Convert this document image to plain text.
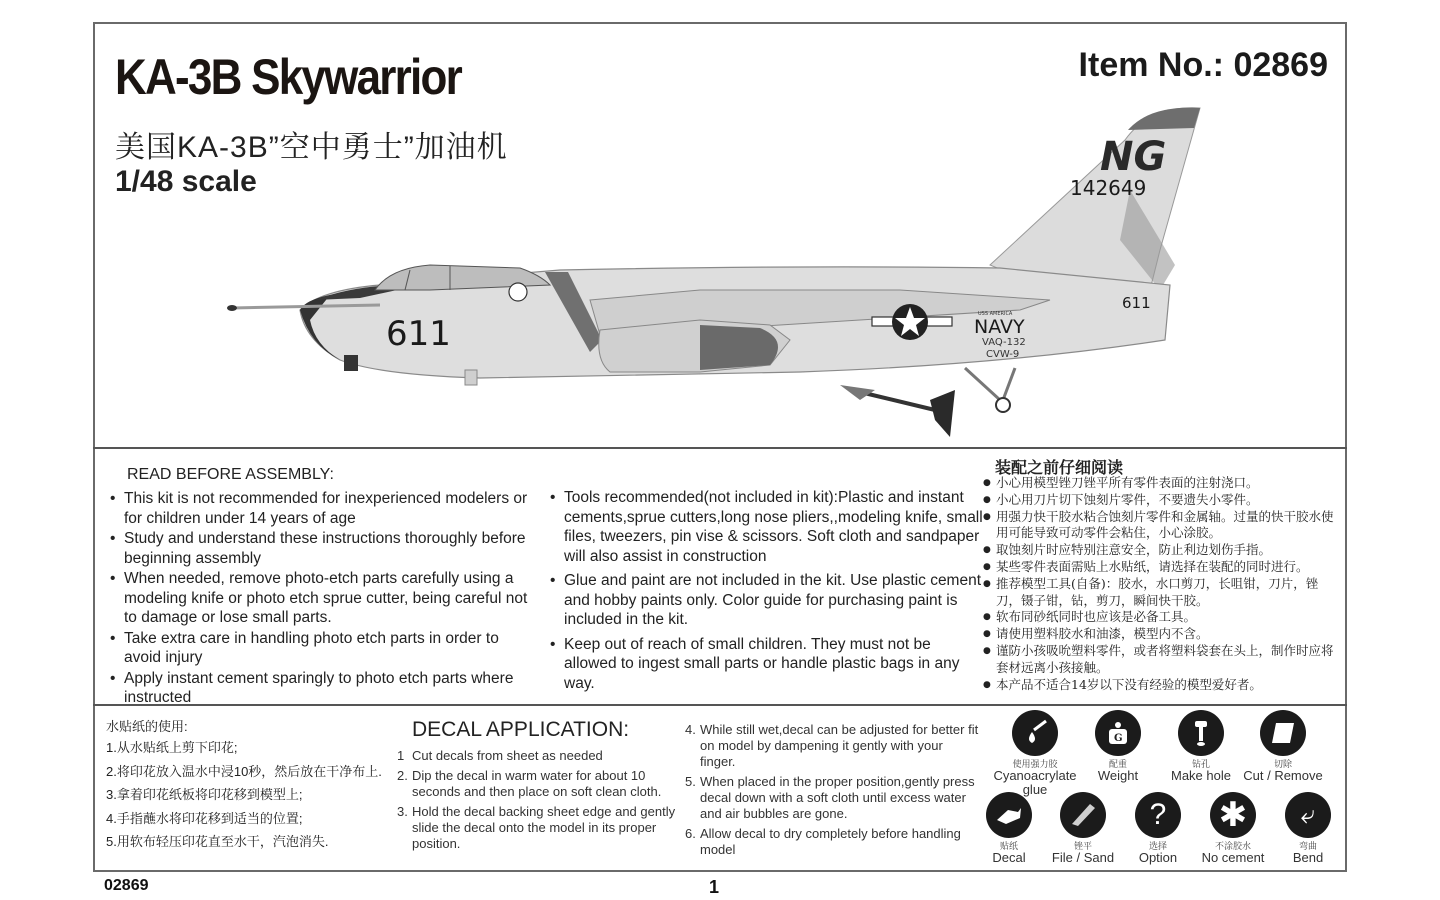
KA-3B Skywarrior
美国KA-3B”空中勇士”加油机
1/48 scale
Item No.: 02869
611
142649
NG
611
USS AMERICA
NAVY
VAQ-132
CVW-9
READ BEFORE ASSEMBLY:
• This kit is not recommended for inexperienced modelers or for children under 14 years of age
• Study and understand these instructions thoroughly before beginning assembly
• When needed, remove photo-etch parts carefully using a modeling knife or photo etch sprue cutter, being careful not to damage or lose small parts.
• Take extra care in handling photo etch parts in order to avoid injury
• Apply instant cement sparingly to photo etch parts where instructed
• Tools recommended(not included in kit):Plastic and instant cements,sprue cutters,long nose pliers,,modeling knife, small files, tweezers, pin vise & scissors. Soft cloth and sandpaper will also assist in construction
• Glue and paint are not included in the kit. Use plastic cement and hobby paints only. Color guide for purchasing paint is included in the kit.
• Keep out of reach of small children. They must not be allowed to ingest small parts or handle plastic bags in any way.
装配之前仔细阅读
● 小心用模型锉刀锉平所有零件表面的注射浇口。
● 小心用刀片切下蚀刻片零件，不要遗失小零件。
● 用强力快干胶水粘合蚀刻片零件和金属轴。过量的快干胶水使用可能导致可动零件会粘住，小心涂胶。
● 取蚀刻片时应特别注意安全，防止利边划伤手指。
● 某些零件表面需贴上水贴纸，请选择在装配的同时进行。
● 推荐模型工具(自备)：胶水，水口剪刀，长咀钳，刀片，锉刀，镊子钳，钻，剪刀，瞬间快干胶。
● 软布同砂纸同时也应该是必备工具。
● 请使用塑料胶水和油漆，模型内不含。
● 谨防小孩吸吮塑料零件，或者将塑料袋套在头上，制作时应将套材远离小孩接触。
● 本产品不适合14岁以下没有经验的模型爱好者。
水贴纸的使用:
1.从水贴纸上剪下印花;
2.将印花放入温水中浸10秒，然后放在干净布上.
3.拿着印花纸板将印花移到模型上;
4.手指蘸水将印花移到适当的位置;
5.用软布轻压印花直至水干，汽泡消失.
DECAL APPLICATION:
1 Cut decals from sheet as needed
2. Dip the decal in warm water for about 10 seconds and then place on soft clean cloth.
3. Hold the decal backing sheet edge and gently slide the decal onto the model in its proper position.
4. While still wet,decal can be adjusted for better fit on model by dampening it gently with your finger.
5. When placed in the proper position,gently press decal down with a soft cloth until excess water and air bubbles are gone.
6. Allow decal to dry completely before handling model
使用强力胶
Cyanoacrylate glue
G
配重
Weight
钻孔
Make hole
切除
Cut / Remove
贴纸
Decal
锉平
File / Sand
?
选择
Option
✱
不涂胶水
No cement
⤶
弯曲
Bend
02869	1
